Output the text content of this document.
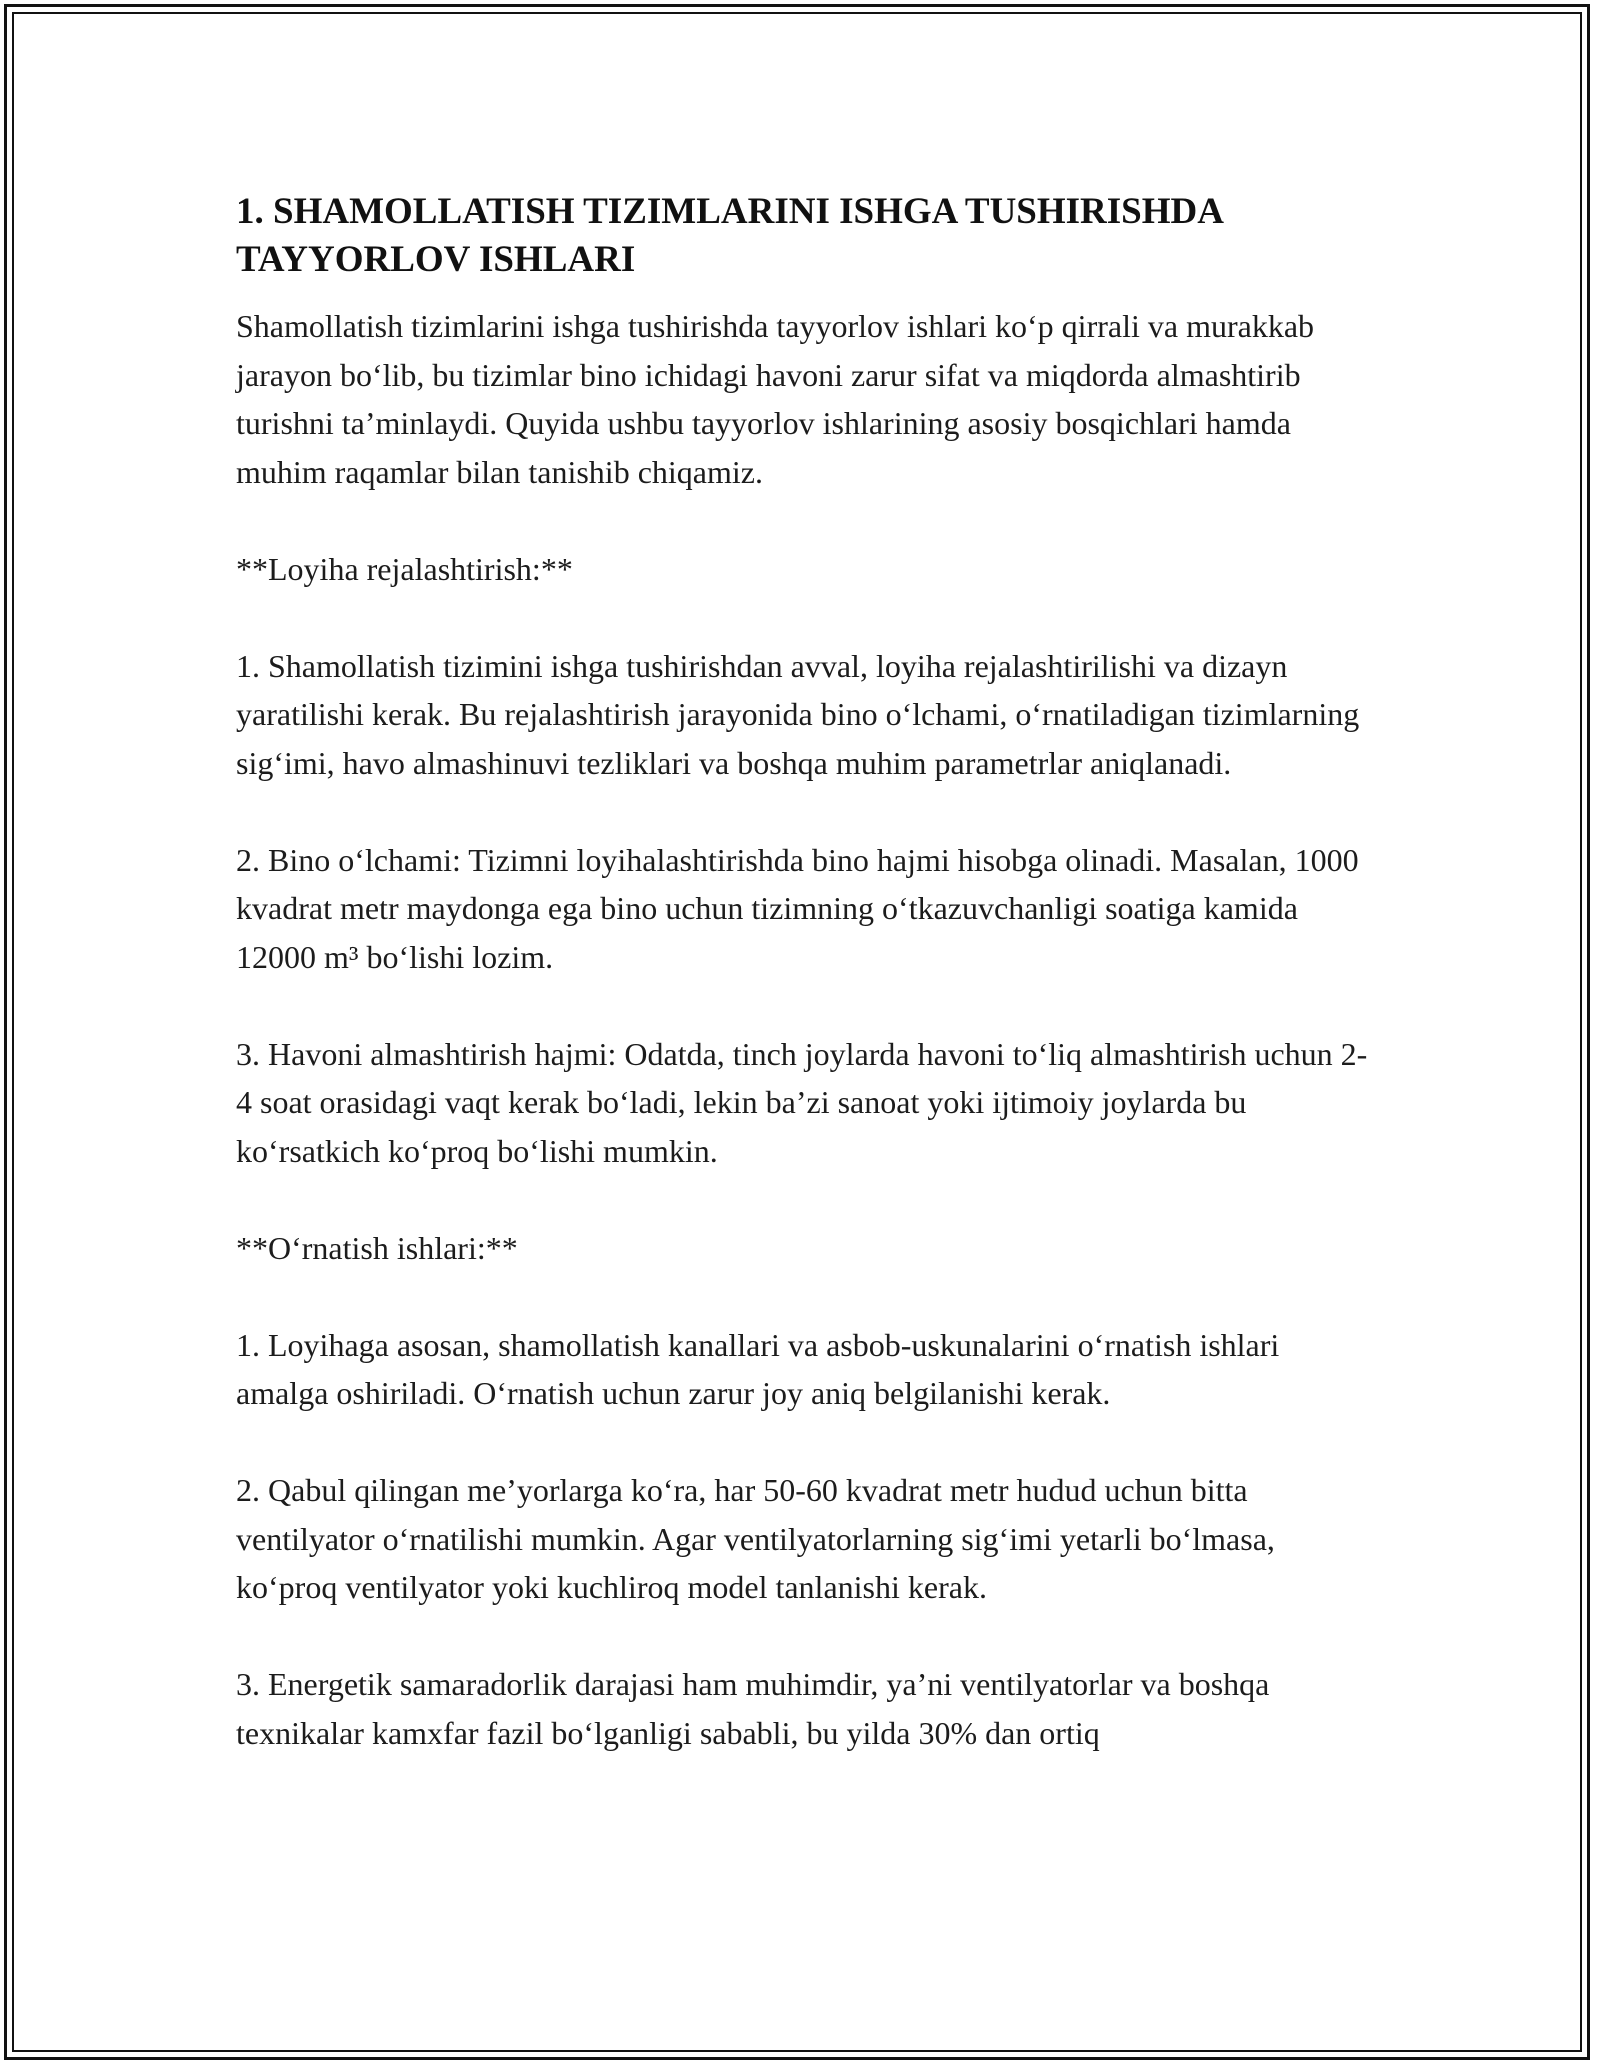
1. SHAMOLLATISH TIZIMLARINI ISHGA TUSHIRISHDA TAYYORLOV ISHLARI

Shamollatish tizimlarini ishga tushirishda tayyorlov ishlari ko‘p qirrali va murakkab jarayon bo‘lib, bu tizimlar bino ichidagi havoni zarur sifat va miqdorda almashtirib turishni ta’minlaydi. Quyida ushbu tayyorlov ishlarining asosiy bosqichlari hamda muhim raqamlar bilan tanishib chiqamiz.

**Loyiha rejalashtirish:**

1. Shamollatish tizimini ishga tushirishdan avval, loyiha rejalashtirilishi va dizayn yaratilishi kerak. Bu rejalashtirish jarayonida bino o‘lchami, o‘rnatiladigan tizimlarning sig‘imi, havo almashinuvi tezliklari va boshqa muhim parametrlar aniqlanadi.

2. Bino o‘lchami: Tizimni loyihalashtirishda bino hajmi hisobga olinadi. Masalan, 1000 kvadrat metr maydonga ega bino uchun tizimning o‘tkazuvchanligi soatiga kamida 12000 m³ bo‘lishi lozim.

3. Havoni almashtirish hajmi: Odatda, tinch joylarda havoni to‘liq almashtirish uchun 2-4 soat orasidagi vaqt kerak bo‘ladi, lekin ba’zi sanoat yoki ijtimoiy joylarda bu ko‘rsatkich ko‘proq bo‘lishi mumkin.

**O‘rnatish ishlari:**

1. Loyihaga asosan, shamollatish kanallari va asbob-uskunalarini o‘rnatish ishlari amalga oshiriladi. O‘rnatish uchun zarur joy aniq belgilanishi kerak.

2. Qabul qilingan me’yorlarga ko‘ra, har 50-60 kvadrat metr hudud uchun bitta ventilyator o‘rnatilishi mumkin. Agar ventilyatorlarning sig‘imi yetarli bo‘lmasa, ko‘proq ventilyator yoki kuchliroq model tanlanishi kerak.

3. Energetik samaradorlik darajasi ham muhimdir, ya’ni ventilyatorlar va boshqa texnikalar kamxfar fazil bo‘lganligi sababli, bu yilda 30% dan ortiq
